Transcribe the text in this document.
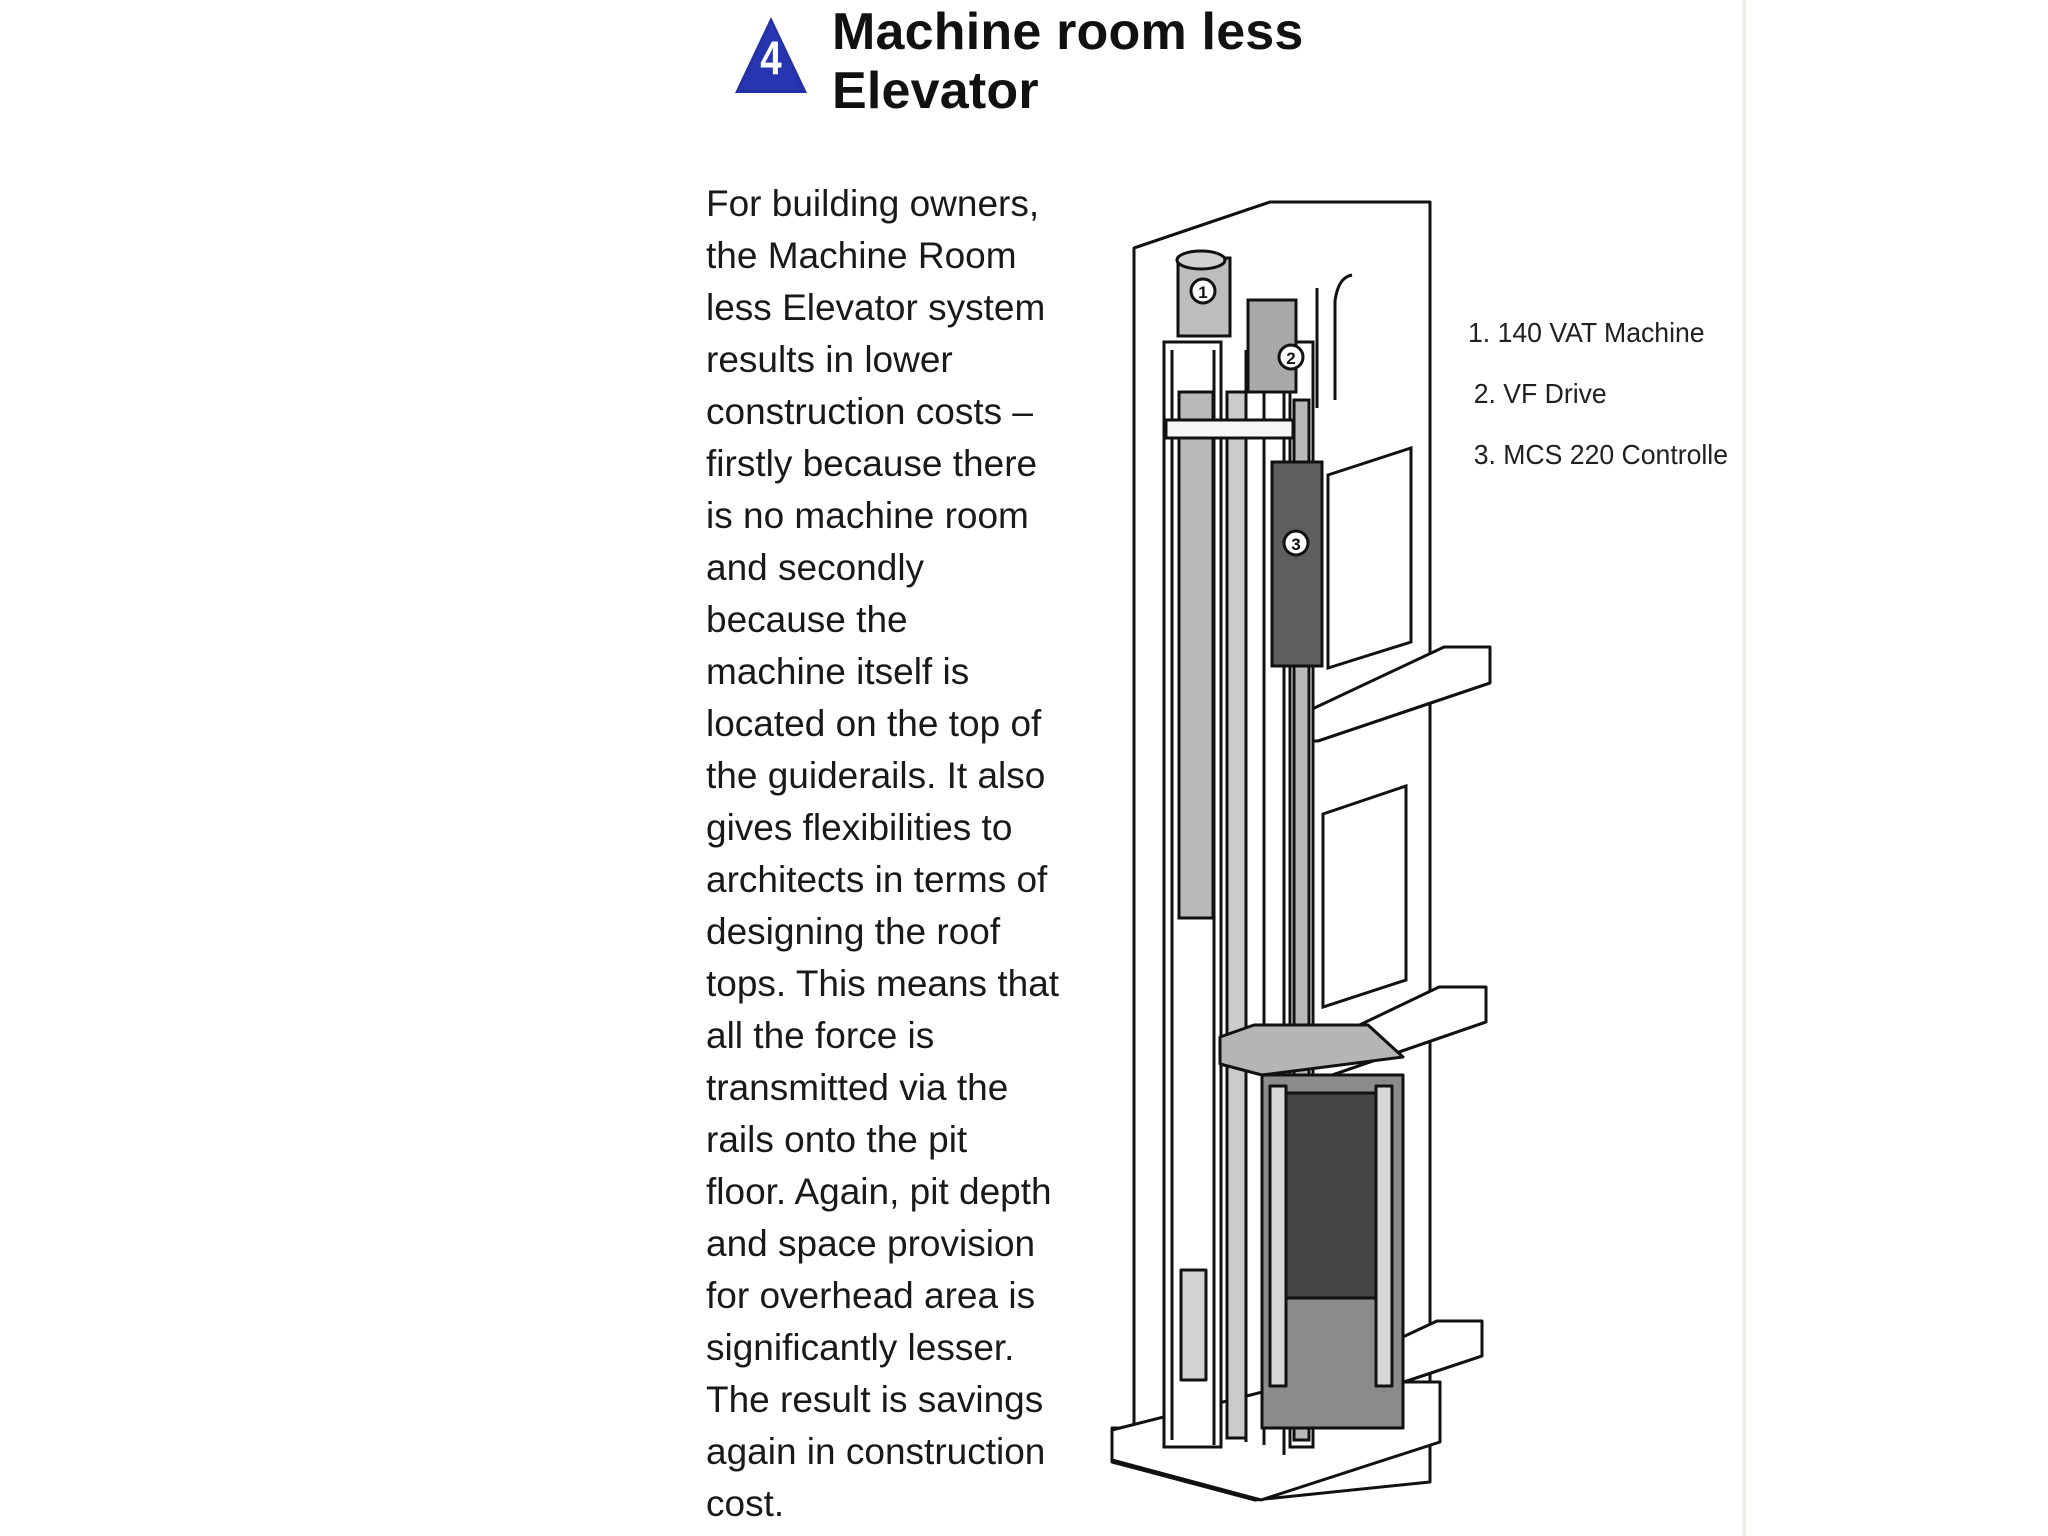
4 Machine room less
Elevator

For building owners,
the Machine Room
less Elevator system
results in lower
construction costs –
firstly because there
is no machine room
and secondly
because the
machine itself is
located on the top of
the guiderails. It also
gives flexibilities to
architects in terms of
designing the roof
tops. This means that
all the force is
transmitted via the
rails onto the pit
floor. Again, pit depth
and space provision
for overhead area is
significantly lesser.
The result is savings
again in construction
cost.

1
2
3
1. 140 VAT Machine
2. VF Drive
3. MCS 220 Controlle
